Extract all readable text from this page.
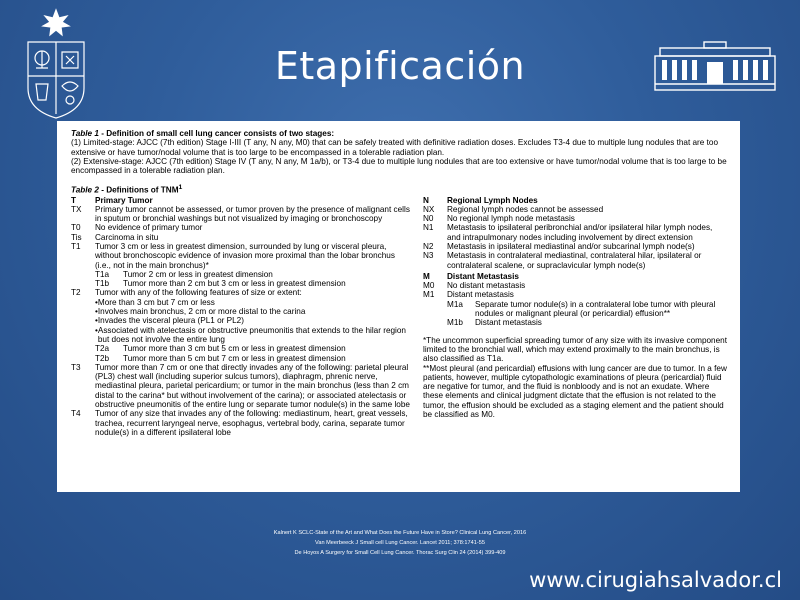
Etapificación
Table 1 - Definition of small cell lung cancer consists of two stages:
(1) Limited-stage: AJCC (7th edition) Stage I-III (T any, N any, M0) that can be safely treated with definitive radiation doses. Excludes T3-4 due to multiple lung nodules that are too extensive or have tumor/nodal volume that is too large to be encompassed in a tolerable radiation plan.
(2) Extensive-stage: AJCC (7th edition) Stage IV (T any, N any, M 1a/b), or T3-4 due to multiple lung nodules that are too extensive or have tumor/nodal volume that is too large to be encompassed in a tolerable radiation plan.
Table 2 - Definitions of TNM$^1$
T	Primary Tumor
TX	Primary tumor cannot be assessed, or tumor proven by the presence of malignant cells in sputum or bronchial washings but not visualized by imaging or bronchoscopy
T0	No evidence of primary tumor
Tis	Carcinoma in situ
T1	Tumor 3 cm or less in greatest dimension, surrounded by lung or visceral pleura, without bronchoscopic evidence of invasion more proximal than the lobar bronchus (i.e., not in the main bronchus)*
T1a	Tumor 2 cm or less in greatest dimension
T1b	Tumor more than 2 cm but 3 cm or less in greatest dimension
T2	Tumor with any of the following features of size or extent:
• More than 3 cm but 7 cm or less
• Involves main bronchus, 2 cm or more distal to the carina
• Invades the visceral pleura (PL1 or PL2)
• Associated with atelectasis or obstructive pneumonitis that extends to the hilar region but does not involve the entire lung
T2a	Tumor more than 3 cm but 5 cm or less in greatest dimension
T2b	Tumor more than 5 cm but 7 cm or less in greatest dimension
T3	Tumor more than 7 cm or one that directly invades any of the following: parietal pleural (PL3) chest wall (including superior sulcus tumors), diaphragm, phrenic nerve, mediastinal pleura, parietal pericardium; or tumor in the main bronchus (less than 2 cm distal to the carina* but without involvement of the carina); or associated atelectasis or obstructive pneumonitis of the entire lung or separate tumor nodule(s) in the same lobe
T4	Tumor of any size that invades any of the following: mediastinum, heart, great vessels, trachea, recurrent laryngeal nerve, esophagus, vertebral body, carina, separate tumor nodule(s) in a different ipsilateral lobe
N	Regional Lymph Nodes
NX	Regional lymph nodes cannot be assessed
N0	No regional lymph node metastasis
N1	Metastasis to ipsilateral peribronchial and/or ipsilateral hilar lymph nodes, and intrapulmonary nodes including involvement by direct extension
N2	Metastasis in ipsilateral mediastinal and/or subcarinal lymph node(s)
N3	Metastasis in contralateral mediastinal, contralateral hilar, ipsilateral or contralateral scalene, or supraclavicular lymph node(s)
M	Distant Metastasis
M0	No distant metastasis
M1	Distant metastasis
M1a	Separate tumor nodule(s) in a contralateral lobe tumor with pleural nodules or malignant pleural (or pericardial) effusion**
M1b	Distant metastasis
*The uncommon superficial spreading tumor of any size with its invasive component limited to the bronchial wall, which may extend proximally to the main bronchus, is also classified as T1a.
**Most pleural (and pericardial) effusions with lung cancer are due to tumor. In a few patients, however, multiple cytopathologic examinations of pleura (pericardial) fluid are negative for tumor, and the fluid is nonbloody and is not an exudate. Where these elements and clinical judgment dictate that the effusion is not related to the tumor, the effusion should be excluded as a staging element and the patient should be classified as M0.
Kalnert K SCLC-State of the Art and What Does the Future Have in Store? Clinical Lung Cancer, 2016
Van Meerbeeck J Small cell Lung Cancer. Lancet 2011; 378:1741-55
De Hoyos A Surgery for Small Cell Lung Cancer. Thorac Surg Clin 24 (2014) 399-409
www.cirugiahsalvador.cl
